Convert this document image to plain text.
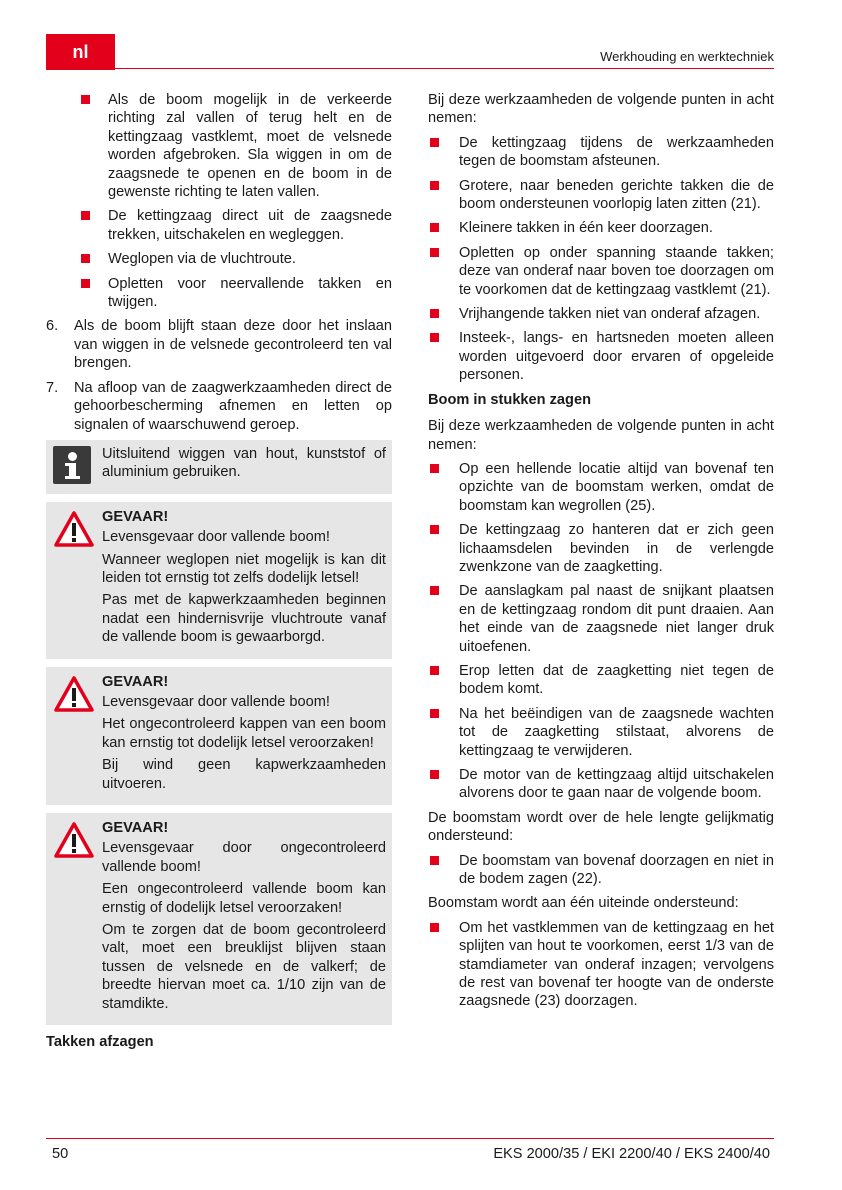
nl	Werkhouding en werktechniek
Als de boom mogelijk in de verkeerde richting zal vallen of terug helt en de kettingzaag vastklemt, moet de velsnede worden afgebroken. Sla wiggen in om de zaagsnede te openen en de boom in de gewenste richting te laten vallen.
De kettingzaag direct uit de zaagsnede trekken, uitschakelen en wegleggen.
Weglopen via de vluchtroute.
Opletten voor neervallende takken en twijgen.
6. Als de boom blijft staan deze door het inslaan van wiggen in de velsnede gecontroleerd ten val brengen.
7. Na afloop van de zaagwerkzaamheden direct de gehoorbescherming afnemen en letten op signalen of waarschuwend geroep.

Uitsluitend wiggen van hout, kunststof of aluminium gebruiken.

GEVAAR!

Levensgevaar door vallende boom!

Wanneer weglopen niet mogelijk is kan dit leiden tot ernstig tot zelfs dodelijk letsel!

Pas met de kapwerkzaamheden beginnen nadat een hindernisvrije vluchtroute vanaf de vallende boom is gewaarborgd.

GEVAAR!

Levensgevaar door vallende boom!

Het ongecontroleerd kappen van een boom kan ernstig tot dodelijk letsel veroorzaken!

Bij wind geen kapwerkzaamheden uitvoeren.

GEVAAR!

Levensgevaar door ongecontroleerd vallende boom!

Een ongecontroleerd vallende boom kan ernstig of dodelijk letsel veroorzaken!

Om te zorgen dat de boom gecontroleerd valt, moet een breuklijst blijven staan tussen de velsnede en de valkerf; de breedte hiervan moet ca. 1/10 zijn van de stamdikte.

Takken afzagen

Bij deze werkzaamheden de volgende punten in acht nemen:

De kettingzaag tijdens de werkzaamheden tegen de boomstam afsteunen.
Grotere, naar beneden gerichte takken die de boom ondersteunen voorlopig laten zitten (21).
Kleinere takken in één keer doorzagen.
Opletten op onder spanning staande takken; deze van onderaf naar boven toe doorzagen om te voorkomen dat de kettingzaag vastklemt (21).
Vrijhangende takken niet van onderaf afzagen.
Insteek-, langs- en hartsneden moeten alleen worden uitgevoerd door ervaren of opgeleide personen.
Boom in stukken zagen

Bij deze werkzaamheden de volgende punten in acht nemen:

Op een hellende locatie altijd van bovenaf ten opzichte van de boomstam werken, omdat de boomstam kan wegrollen (25).
De kettingzaag zo hanteren dat er zich geen lichaamsdelen bevinden in de verlengde zwenkzone van de zaagketting.
De aanslagkam pal naast de snijkant plaatsen en de kettingzaag rondom dit punt draaien. Aan het einde van de zaagsnede niet langer druk uitoefenen.
Erop letten dat de zaagketting niet tegen de bodem komt.
Na het beëindigen van de zaagsnede wachten tot de zaagketting stilstaat, alvorens de kettingzaag te verwijderen.
De motor van de kettingzaag altijd uitschakelen alvorens door te gaan naar de volgende boom.

De boomstam wordt over de hele lengte gelijkmatig ondersteund:

De boomstam van bovenaf doorzagen en niet in de bodem zagen (22).

Boomstam wordt aan één uiteinde ondersteund:

Om het vastklemmen van de kettingzaag en het splijten van hout te voorkomen, eerst 1/3 van de stamdiameter van onderaf inzagen; vervolgens de rest van bovenaf ter hoogte van de onderste zaagsnede (23) doorzagen.
50	EKS 2000/35 / EKI 2200/40 / EKS 2400/40
